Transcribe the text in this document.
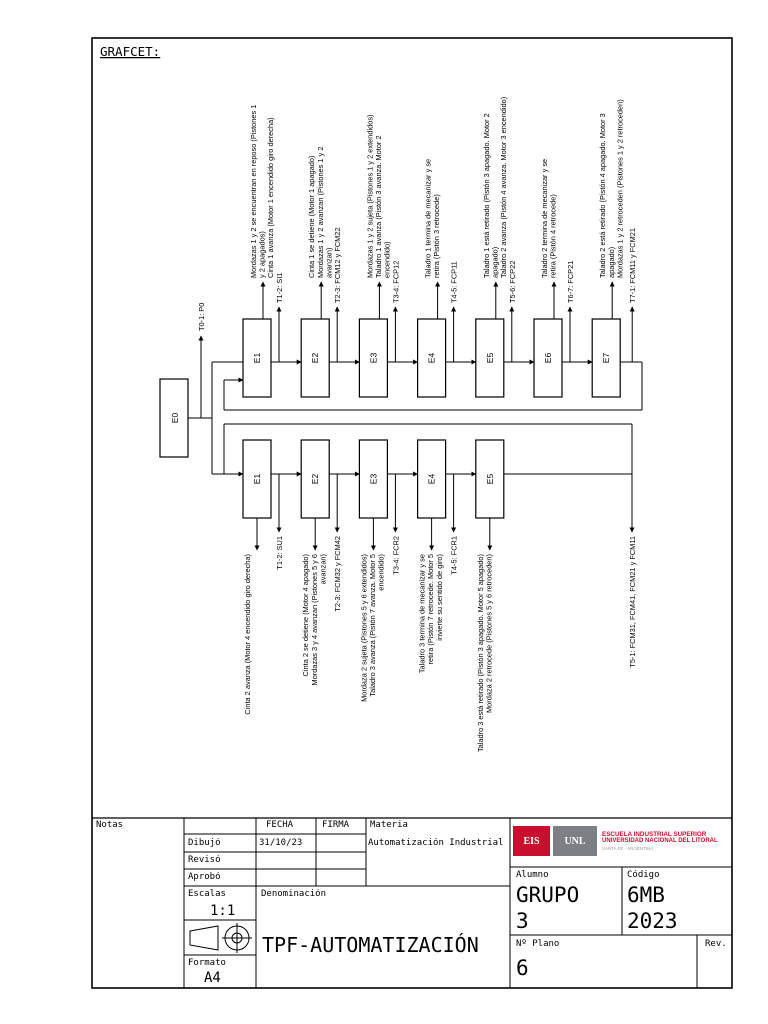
GRAFCET:
E0
T0-1: P0
E1
Mordazas 1 y 2 se encuentran en reposo (Pistones 1 y 2 apagados) Cinta 1 avanza (Motor 1 encendido giro derecha)
T1-2: SI1
E2
Cinta 1 se detiene (Motor 1 apagado) Mordazas 1 y 2 avanzan (Pistones 1 y 2 avanzan) T2-3: FCM12 y FCM22
E3
Mordazas 1 y 2 sujeta (Pistones 1 y 2 extendidos) Taladro 1 avanza (Pistón 3 avanza. Motor 2 encendido)
T3-4: FCP12
E4
Taladro 1 termina de mecanizar y se retira (Pistón 3 retrocede)
T4-5: FCP11
E5
Taladro 1 está retirado (Pistón 3 apagado. Motor 2 apagado) Taladro 2 avanza (Pistón 4 avanza. Motor 3 encendido)
T5-6: FCP22
E6
Taladro 2 termina de mecanizar y se retira (Pistón 4 retrocede)
T6-7: FCP21
E7
Taladro 2 está retirado (Pistón 4 apagado. Motor 3 apagado) Mordazas 1 y 2 retroceden (Pistones 1 y 2 retroceden) T7-1: FCM11 y FCM21
E1
Cinta 2 avanza (Motor 4 encendido giro derecha)
T1-2: SU1
E2
Cinta 2 se detiene (Motor 4 apagado) Mordazas 3 y 4 avanzan (Pistones 5 y 6 avanzan) T2-3: FCM32 y FCM42
E3
Mordaza 2 sujeta (Pistones 5 y 6 extendidos) Taladro 3 avanza (Pistón 7 avanza. Motor 5 encendido) T3-4: FCR2
E4
Taladro 3 termina de mecanizar y se retira (Pistón 7 retrocede. Motor 5 invierte su sentido de giro) T4-5: FCR1
E5
Taladro 3 está retirado (Pistón 3 apagado. Motor 5 apagado) Mordaza 2 retrocede (Pistones 5 y 6 retroceden)	T5-1: FCM31, FCM41, FCM21 y FCM11
Notas	FECHA	FIRMA Materia
Automatización Industrial
Dibujó	31/10/23
Revisó
Aprobó
Escalas
1:1
Denominación
TPF-AUTOMATIZACIÓN
Formato
A4
EIS	UNL
ESCUELA INDUSTRIAL SUPERIOR
UNIVERSIDAD NACIONAL DEL LITORAL
SANTA FE · ARGENTINA
Alumno
GRUPO
3
Código
6MB
2023
Nº Plano
6
Rev.
